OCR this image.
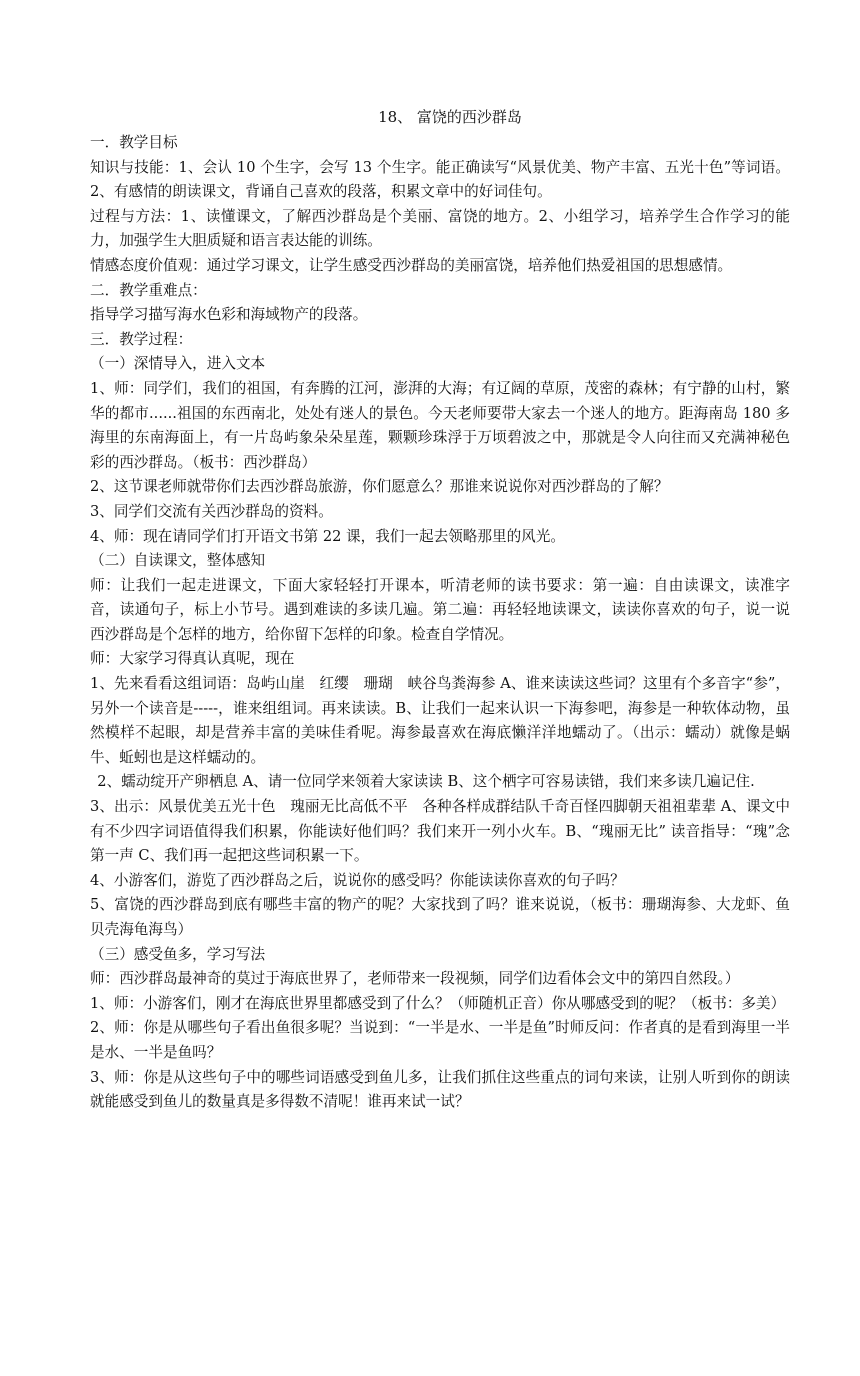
18、 富饶的西沙群岛

一．教学目标

知识与技能：1、会认 10 个生字，会写 13 个生字。能正确读写“风景优美、物产丰富、五光十色”等词语。2、有感情的朗读课文，背诵自己喜欢的段落，积累文章中的好词佳句。

过程与方法：1、读懂课文，了解西沙群岛是个美丽、富饶的地方。2、小组学习，培养学生合作学习的能力，加强学生大胆质疑和语言表达能的训练。

情感态度价值观：通过学习课文，让学生感受西沙群岛的美丽富饶，培养他们热爱祖国的思想感情。

二．教学重难点：

指导学习描写海水色彩和海域物产的段落。

三．教学过程：

（一）深情导入，进入文本

1、师：同学们，我们的祖国，有奔腾的江河，澎湃的大海；有辽阔的草原，茂密的森林；有宁静的山村，繁华的都市......祖国的东西南北，处处有迷人的景色。今天老师要带大家去一个迷人的地方。距海南岛 180 多海里的东南海面上，有一片岛屿象朵朵星莲，颗颗珍珠浮于万顷碧波之中，那就是令人向往而又充满神秘色彩的西沙群岛。（板书：西沙群岛）

2、这节课老师就带你们去西沙群岛旅游，你们愿意么？那谁来说说你对西沙群岛的了解？

3、同学们交流有关西沙群岛的资料。

4、师：现在请同学们打开语文书第 22 课，我们一起去领略那里的风光。

（二）自读课文，整体感知

师：让我们一起走进课文，下面大家轻轻打开课本，听清老师的读书要求：第一遍：自由读课文，读准字音，读通句子，标上小节号。遇到难读的多读几遍。第二遍：再轻轻地读课文，读读你喜欢的句子，说一说西沙群岛是个怎样的地方，给你留下怎样的印象。检查自学情况。

师：大家学习得真认真呢，现在

1、先来看看这组词语：岛屿山崖　红缨　珊瑚　峡谷鸟粪海参 A、谁来读读这些词？这里有个多音字“参”，另外一个读音是-----，谁来组组词。再来读读。B、让我们一起来认识一下海参吧，海参是一种软体动物，虽然模样不起眼，却是营养丰富的美味佳肴呢。海参最喜欢在海底懒洋洋地蠕动了。（出示：蠕动）就像是蜗牛、蚯蚓也是这样蠕动的。

2、蠕动绽开产卵栖息 A、请一位同学来领着大家读读 B、这个栖字可容易读错，我们来多读几遍记住.

3、出示：风景优美五光十色　瑰丽无比高低不平　各种各样成群结队千奇百怪四脚朝天祖祖辈辈 A、课文中有不少四字词语值得我们积累，你能读好他们吗？我们来开一列小火车。B、“瑰丽无比” 读音指导：“瑰”念第一声 C、我们再一起把这些词积累一下。

4、小游客们，游览了西沙群岛之后，说说你的感受吗？你能读读你喜欢的句子吗？

5、富饶的西沙群岛到底有哪些丰富的物产的呢？大家找到了吗？谁来说说，（板书：珊瑚海参、大龙虾、鱼贝壳海龟海鸟）

（三）感受鱼多，学习写法

师：西沙群岛最神奇的莫过于海底世界了，老师带来一段视频，同学们边看体会文中的第四自然段。）

1、师：小游客们，刚才在海底世界里都感受到了什么？（师随机正音）你从哪感受到的呢？（板书：多美）

2、师：你是从哪些句子看出鱼很多呢？当说到：“一半是水、一半是鱼”时师反问：作者真的是看到海里一半是水、一半是鱼吗？

3、师：你是从这些句子中的哪些词语感受到鱼儿多，让我们抓住这些重点的词句来读，让别人听到你的朗读就能感受到鱼儿的数量真是多得数不清呢！谁再来试一试？
